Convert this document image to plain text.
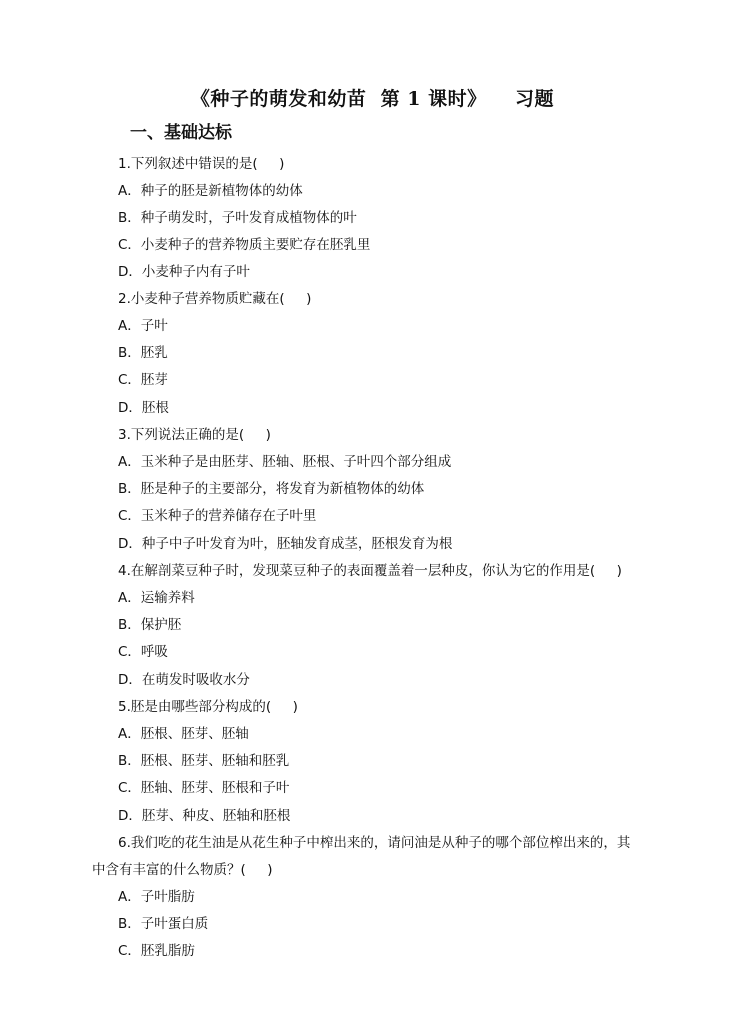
《种子的萌发和幼苗  第 1 课时》    习题
一、基础达标
1.下列叙述中错误的是(     )
A．种子的胚是新植物体的幼体
B．种子萌发时，子叶发育成植物体的叶
C．小麦种子的营养物质主要贮存在胚乳里
D．小麦种子内有子叶
2.小麦种子营养物质贮藏在(     )
A．子叶
B．胚乳
C．胚芽
D．胚根
3.下列说法正确的是(     )
A．玉米种子是由胚芽、胚轴、胚根、子叶四个部分组成
B．胚是种子的主要部分，将发育为新植物体的幼体
C．玉米种子的营养储存在子叶里
D．种子中子叶发育为叶，胚轴发育成茎，胚根发育为根
4.在解剖菜豆种子时，发现菜豆种子的表面覆盖着一层种皮，你认为它的作用是(     )
A．运输养料
B．保护胚
C．呼吸
D．在萌发时吸收水分
5.胚是由哪些部分构成的(     )
A．胚根、胚芽、胚轴
B．胚根、胚芽、胚轴和胚乳
C．胚轴、胚芽、胚根和子叶
D．胚芽、种皮、胚轴和胚根
6.我们吃的花生油是从花生种子中榨出来的，请问油是从种子的哪个部位榨出来的，其
中含有丰富的什么物质？(     )
A．子叶脂肪
B．子叶蛋白质
C．胚乳脂肪
